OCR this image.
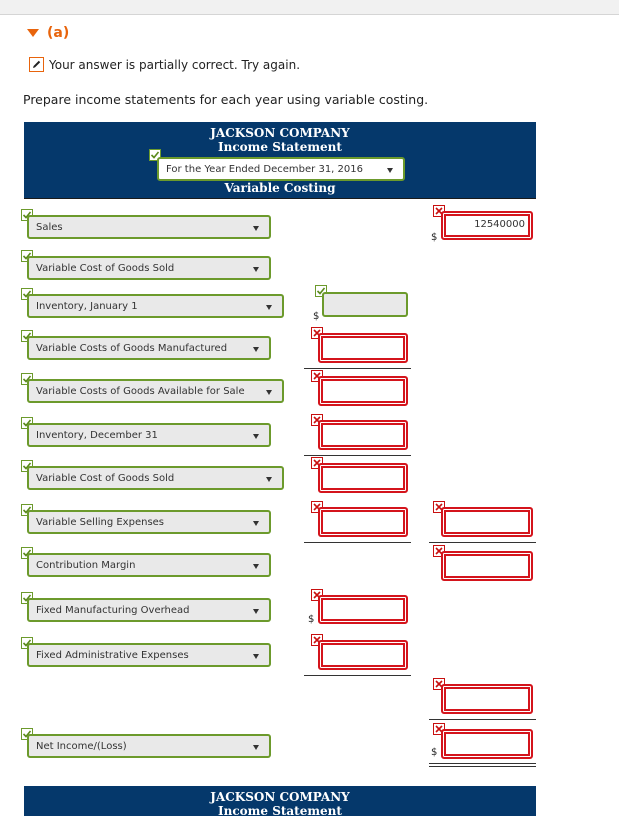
(a)
Your answer is partially correct. Try again.
Prepare income statements for each year using variable costing.
JACKSON COMPANY
Income Statement
Variable Costing
For the Year Ended December 31, 2016
Sales
$
12540000
Variable Cost of Goods Sold
Inventory, January 1
$
Variable Costs of Goods Manufactured
Variable Costs of Goods Available for Sale
Inventory, December 31
Variable Cost of Goods Sold
Variable Selling Expenses
Contribution Margin
Fixed Manufacturing Overhead
$
Fixed Administrative Expenses
Net Income/(Loss)
$
JACKSON COMPANY
Income Statement
